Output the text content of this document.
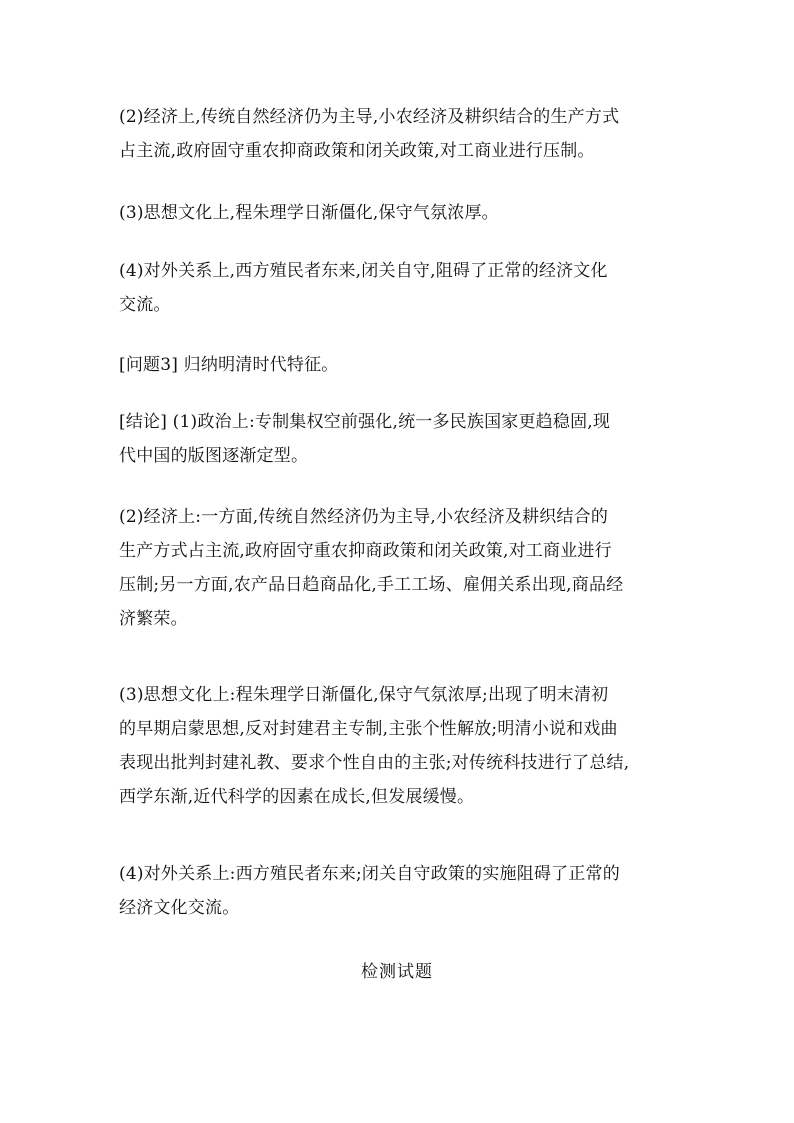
(2)经济上,传统自然经济仍为主导,小农经济及耕织结合的生产方式
占主流,政府固守重农抑商政策和闭关政策,对工商业进行压制。

(3)思想文化上,程朱理学日渐僵化,保守气氛浓厚。

(4)对外关系上,西方殖民者东来,闭关自守,阻碍了正常的经济文化
交流。

[问题3] 归纳明清时代特征。

[结论] (1)政治上:专制集权空前强化,统一多民族国家更趋稳固,现
代中国的版图逐渐定型。

(2)经济上:一方面,传统自然经济仍为主导,小农经济及耕织结合的
生产方式占主流,政府固守重农抑商政策和闭关政策,对工商业进行
压制;另一方面,农产品日趋商品化,手工工场、雇佣关系出现,商品经
济繁荣。

(3)思想文化上:程朱理学日渐僵化,保守气氛浓厚;出现了明末清初
的早期启蒙思想,反对封建君主专制,主张个性解放;明清小说和戏曲
表现出批判封建礼教、要求个性自由的主张;对传统科技进行了总结,
西学东渐,近代科学的因素在成长,但发展缓慢。

(4)对外关系上:西方殖民者东来;闭关自守政策的实施阻碍了正常的
经济文化交流。

检测试题
